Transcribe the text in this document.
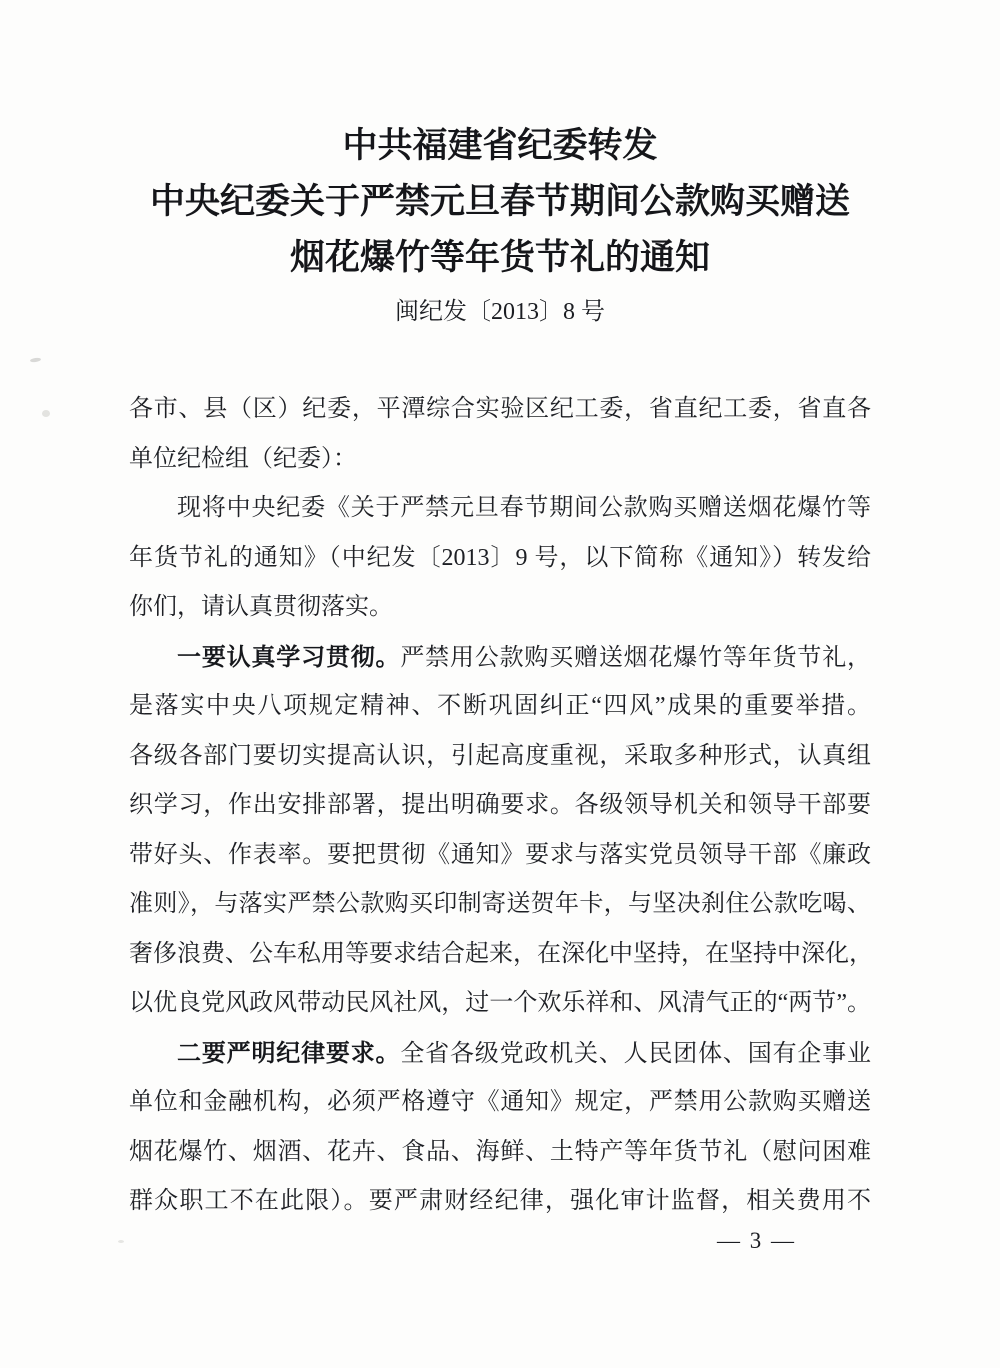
中共福建省纪委转发
中央纪委关于严禁元旦春节期间公款购买赠送
烟花爆竹等年货节礼的通知
闽纪发〔2013〕8 号
各市、县（区）纪委，平潭综合实验区纪工委，省直纪工委，省直各
单位纪检组（纪委）：
现将中央纪委《关于严禁元旦春节期间公款购买赠送烟花爆竹等
年货节礼的通知》（中纪发〔2013〕9 号，以下简称《通知》）转发给
你们，请认真贯彻落实。
一要认真学习贯彻。严禁用公款购买赠送烟花爆竹等年货节礼，
是落实中央八项规定精神、不断巩固纠正“四风”成果的重要举措。
各级各部门要切实提高认识，引起高度重视，采取多种形式，认真组
织学习，作出安排部署，提出明确要求。各级领导机关和领导干部要
带好头、作表率。要把贯彻《通知》要求与落实党员领导干部《廉政
准则》，与落实严禁公款购买印制寄送贺年卡，与坚决刹住公款吃喝、
奢侈浪费、公车私用等要求结合起来，在深化中坚持，在坚持中深化，
以优良党风政风带动民风社风，过一个欢乐祥和、风清气正的“两节”。
二要严明纪律要求。全省各级党政机关、人民团体、国有企事业
单位和金融机构，必须严格遵守《通知》规定，严禁用公款购买赠送
烟花爆竹、烟酒、花卉、食品、海鲜、土特产等年货节礼（慰问困难
群众职工不在此限）。要严肃财经纪律，强化审计监督，相关费用不
— 3 —
